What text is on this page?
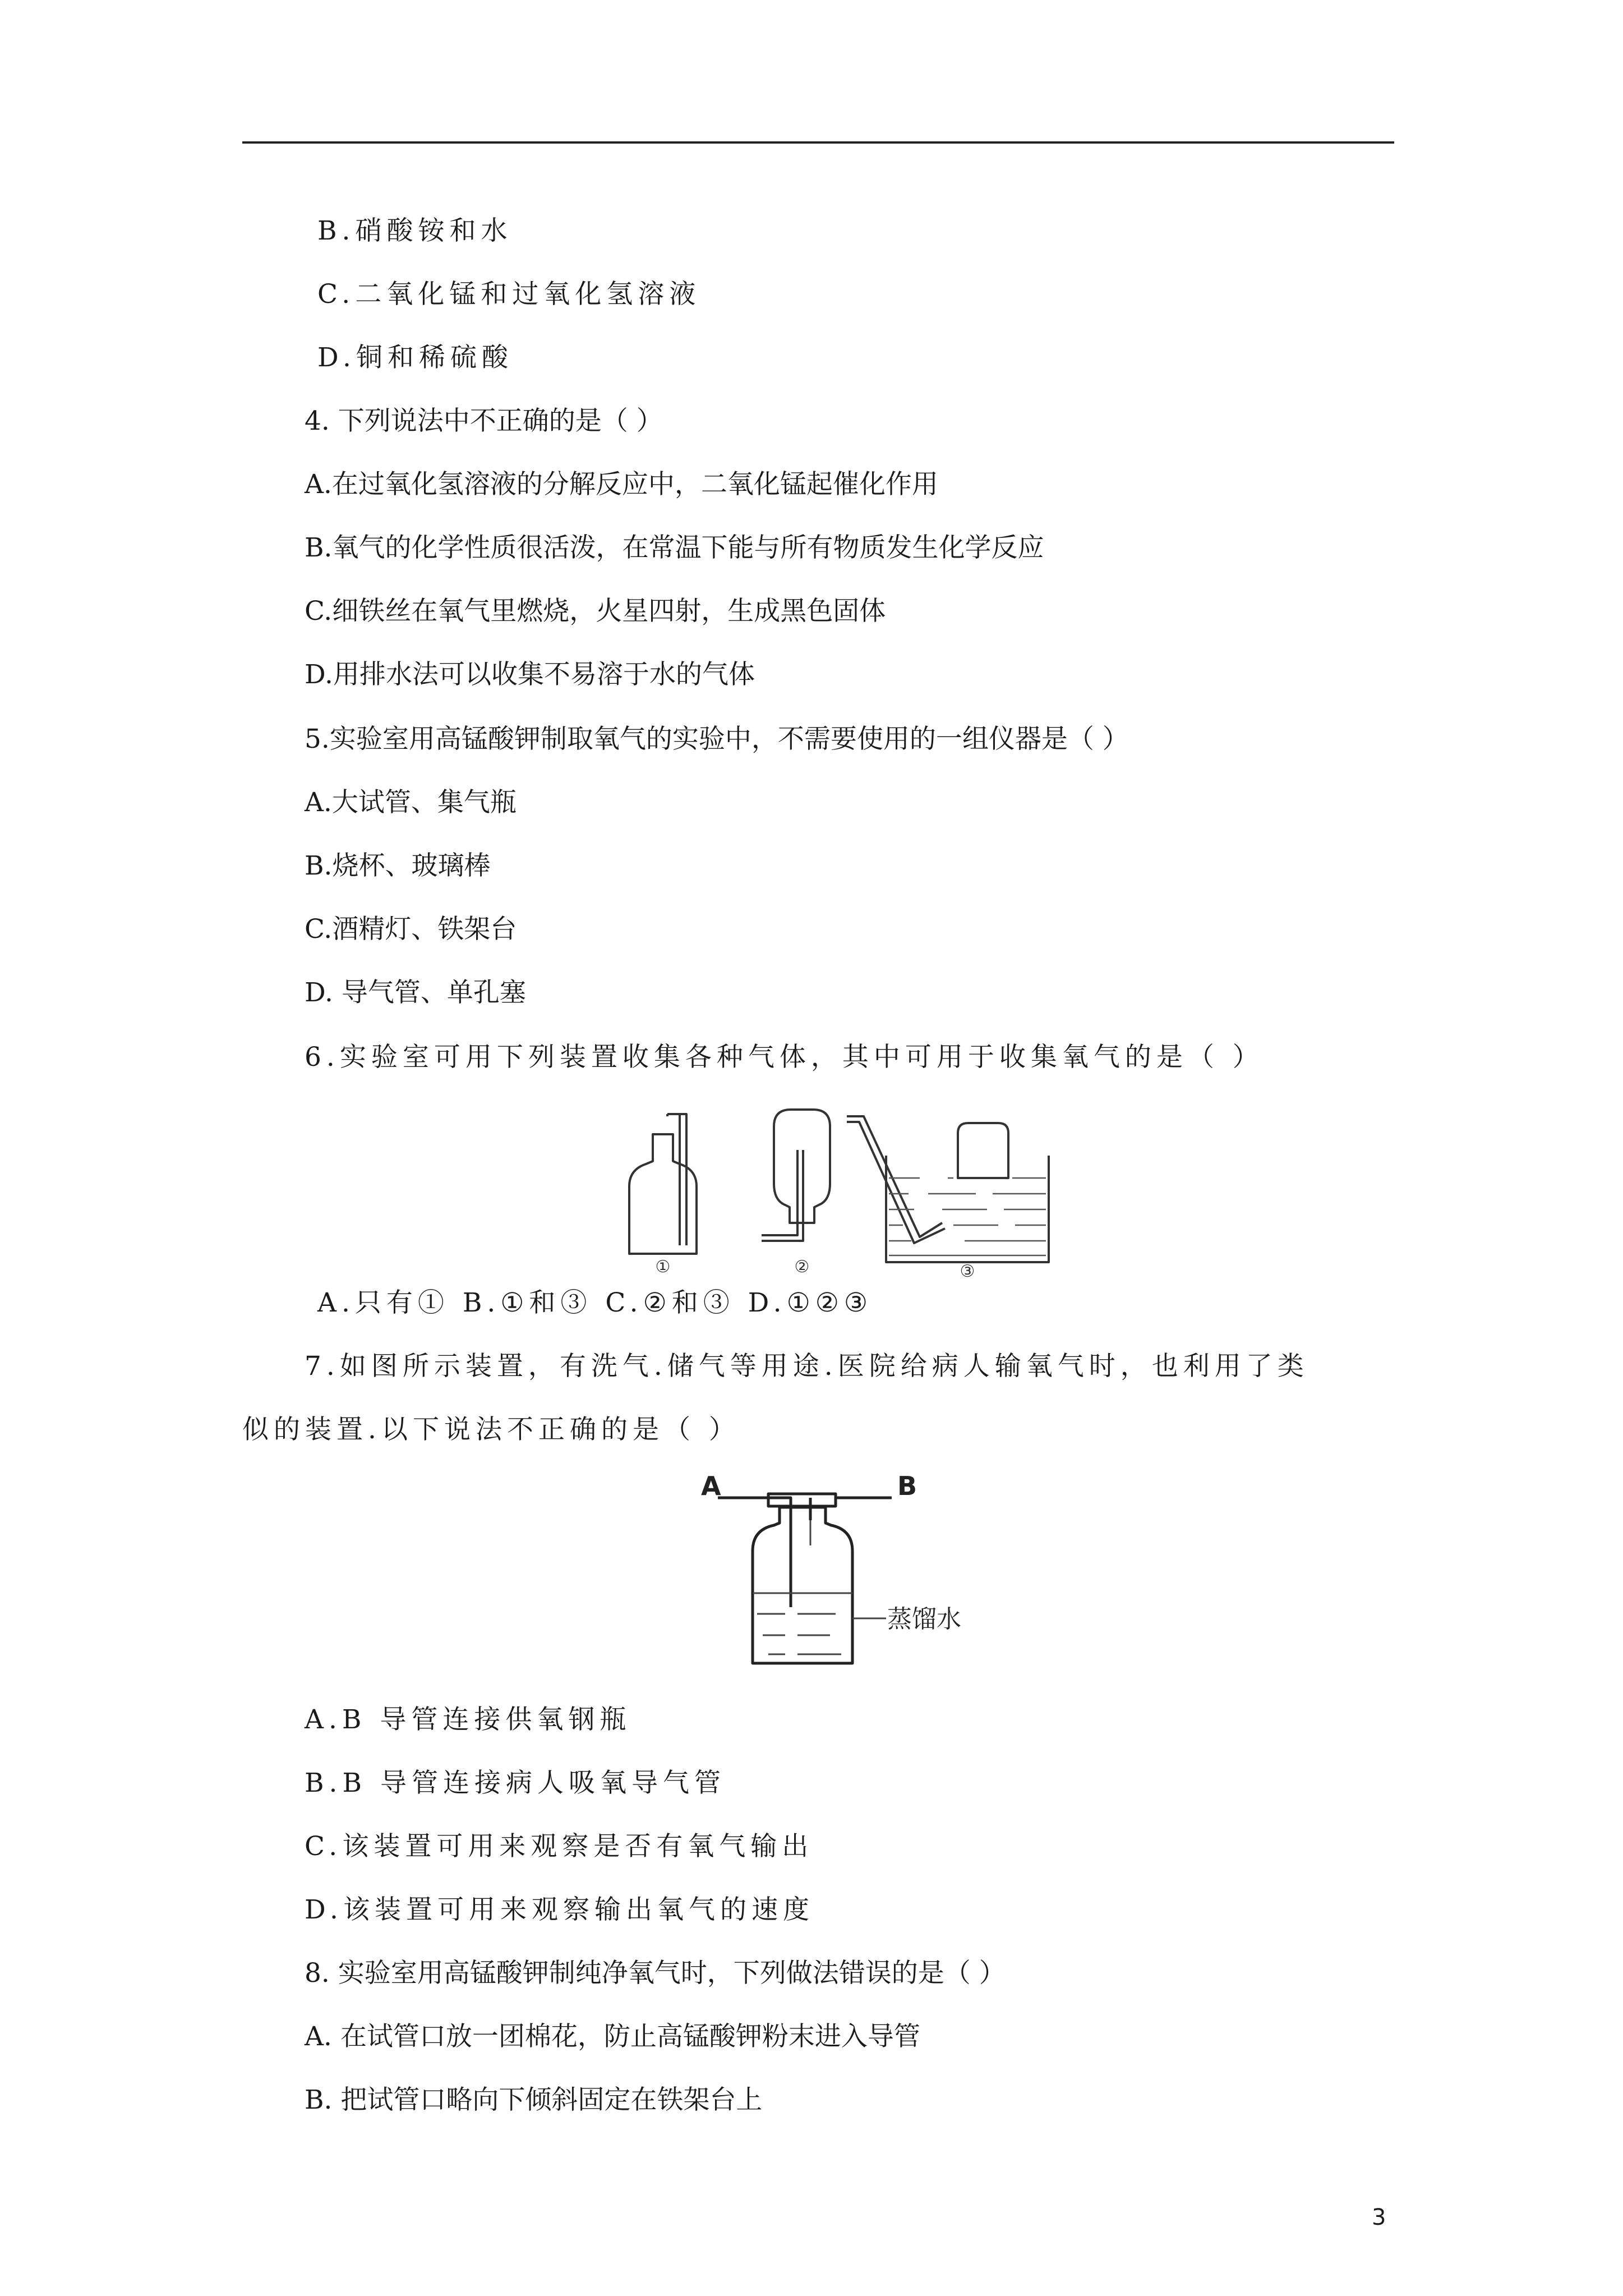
B.硝酸铵和水
C.二氧化锰和过氧化氢溶液
D.铜和稀硫酸
4. 下列说法中不正确的是（ ）
A.在过氧化氢溶液的分解反应中，二氧化锰起催化作用
B.氧气的化学性质很活泼，在常温下能与所有物质发生化学反应
C.细铁丝在氧气里燃烧，火星四射，生成黑色固体
D.用排水法可以收集不易溶于水的气体
5.实验室用高锰酸钾制取氧气的实验中，不需要使用的一组仪器是（ ）
A.大试管、集气瓶
B.烧杯、玻璃棒
C.酒精灯、铁架台
D. 导气管、单孔塞
6.实验室可用下列装置收集各种气体，其中可用于收集氧气的是（ ）
①	②	③
A.只有① B.①和③ C.②和③ D.①②③
7.如图所示装置，有洗气.储气等用途.医院给病人输氧气时，也利用了类
似的装置.以下说法不正确的是（ ）
A	B
蒸馏水
A.B 导管连接供氧钢瓶
B.B 导管连接病人吸氧导气管
C.该装置可用来观察是否有氧气输出
D.该装置可用来观察输出氧气的速度
8. 实验室用高锰酸钾制纯净氧气时，下列做法错误的是（ ）
A. 在试管口放一团棉花，防止高锰酸钾粉末进入导管
B. 把试管口略向下倾斜固定在铁架台上
3
